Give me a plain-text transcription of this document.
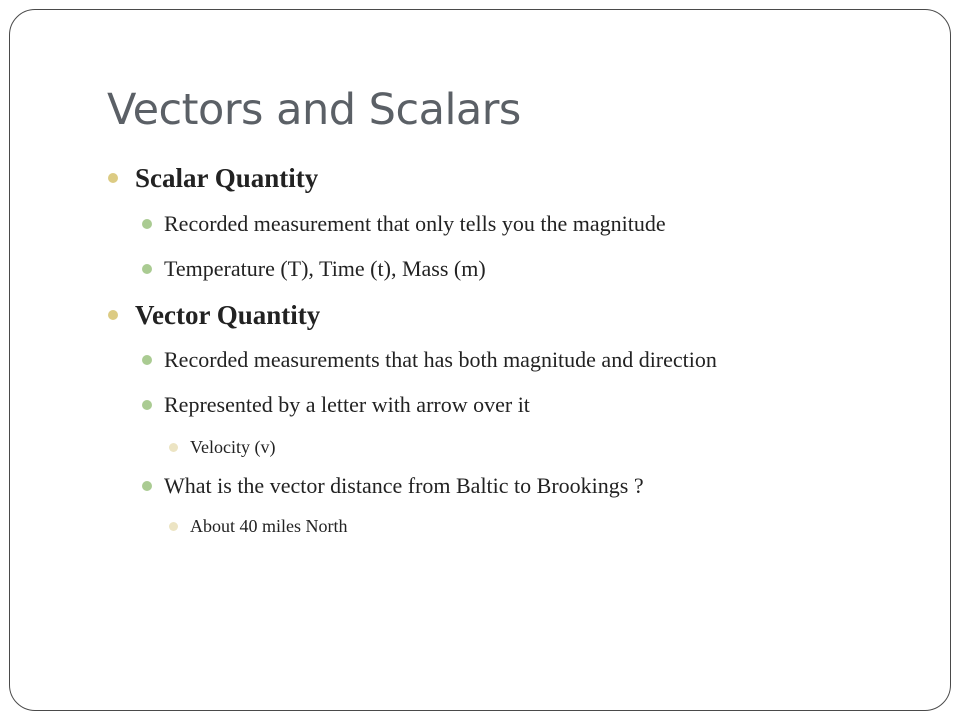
Vectors and Scalars
Scalar Quantity
Recorded measurement that only tells you the magnitude
Temperature (T), Time (t), Mass (m)
Vector Quantity
Recorded measurements that has both magnitude and direction
Represented by a letter with arrow over it
Velocity (v)
What is the vector distance from Baltic to Brookings ?
About 40 miles North
